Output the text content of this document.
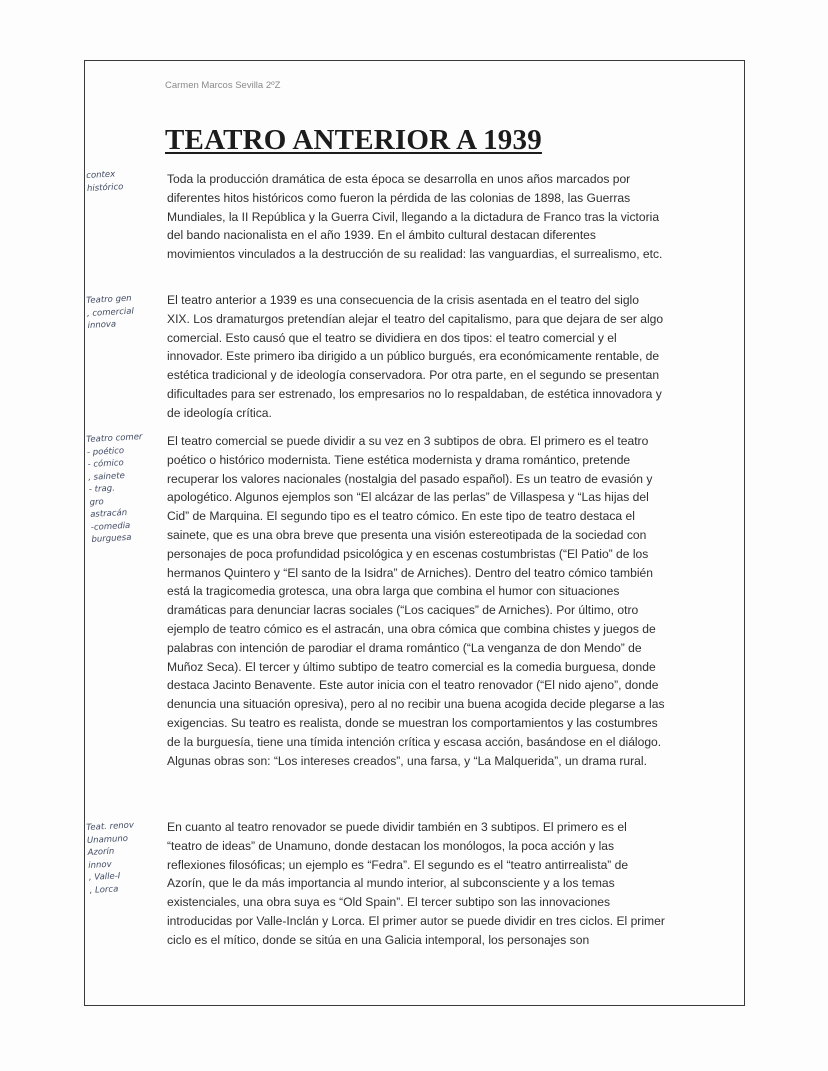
Carmen Marcos Sevilla 2ºZ
TEATRO ANTERIOR A 1939

Toda la producción dramática de esta época se desarrolla en unos años marcados por diferentes hitos históricos como fueron la pérdida de las colonias de 1898, las Guerras Mundiales, la II República y la Guerra Civil, llegando a la dictadura de Franco tras la victoria del bando nacionalista en el año 1939. En el ámbito cultural destacan diferentes movimientos vinculados a la destrucción de su realidad: las vanguardias, el surrealismo, etc.

El teatro anterior a 1939 es una consecuencia de la crisis asentada en el teatro del siglo XIX. Los dramaturgos pretendían alejar el teatro del capitalismo, para que dejara de ser algo comercial. Esto causó que el teatro se dividiera en dos tipos: el teatro comercial y el innovador. Este primero iba dirigido a un público burgués, era económicamente rentable, de estética tradicional y de ideología conservadora. Por otra parte, en el segundo se presentan dificultades para ser estrenado, los empresarios no lo respaldaban, de estética innovadora y de ideología crítica.

El teatro comercial se puede dividir a su vez en 3 subtipos de obra. El primero es el teatro poético o histórico modernista. Tiene estética modernista y drama romántico, pretende recuperar los valores nacionales (nostalgia del pasado español). Es un teatro de evasión y apologético. Algunos ejemplos son “El alcázar de las perlas” de Villaspesa y “Las hijas del Cid” de Marquina. El segundo tipo es el teatro cómico. En este tipo de teatro destaca el sainete, que es una obra breve que presenta una visión estereotipada de la sociedad con personajes de poca profundidad psicológica y en escenas costumbristas (“El Patio” de los hermanos Quintero y “El santo de la Isidra” de Arniches). Dentro del teatro cómico también está la tragicomedia grotesca, una obra larga que combina el humor con situaciones dramáticas para denunciar lacras sociales (“Los caciques” de Arniches). Por último, otro ejemplo de teatro cómico es el astracán, una obra cómica que combina chistes y juegos de palabras con intención de parodiar el drama romántico (“La venganza de don Mendo” de Muñoz Seca). El tercer y último subtipo de teatro comercial es la comedia burguesa, donde destaca Jacinto Benavente. Este autor inicia con el teatro renovador (“El nido ajeno”, donde denuncia una situación opresiva), pero al no recibir una buena acogida decide plegarse a las exigencias. Su teatro es realista, donde se muestran los comportamientos y las costumbres de la burguesía, tiene una tímida intención crítica y escasa acción, basándose en el diálogo. Algunas obras son: “Los intereses creados”, una farsa, y “La Malquerida”, un drama rural.

En cuanto al teatro renovador se puede dividir también en 3 subtipos. El primero es el “teatro de ideas” de Unamuno, donde destacan los monólogos, la poca acción y las reflexiones filosóficas; un ejemplo es “Fedra”. El segundo es el “teatro antirrealista” de Azorín, que le da más importancia al mundo interior, al subconsciente y a los temas existenciales, una obra suya es “Old Spain”. El tercer subtipo son las innovaciones introducidas por Valle-Inclán y Lorca. El primer autor se puede dividir en tres ciclos. El primer ciclo es el mítico, donde se sitúa en una Galicia intemporal, los personajes son

contex
histórico
Teatro gen
, comercial
innova
Teatro comer
- poético
- cómico
, sainete
- trag.
gro
astracán
-comedia
burguesa
Teat. renov
Unamuno
Azorín
innov
, Valle-I
, Lorca
